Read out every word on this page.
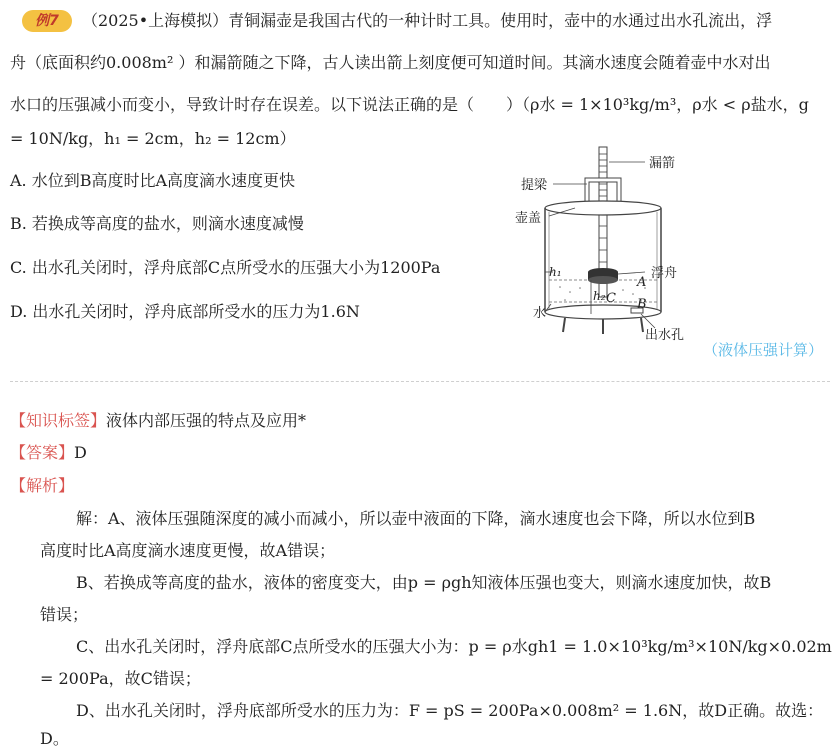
例7	（2025•上海模拟）青铜漏壶是我国古代的一种计时工具。使用时，壶中的水通过出水孔流出，浮
舟（底面积约0.008m² ）和漏箭随之下降，古人读出箭上刻度便可知道时间。其滴水速度会随着壶中水对出
水口的压强减小而变小，导致计时存在误差。以下说法正确的是（　　）（ρ水 = 1×10³kg/m³，ρ水 < ρ盐水，g
= 10N/kg，h₁ = 2cm，h₂ = 12cm）
A. 水位到B高度时比A高度滴水速度更快
B. 若换成等高度的盐水，则滴水速度减慢
C. 出水孔关闭时，浮舟底部C点所受水的压强大小为1200Pa
D. 出水孔关闭时，浮舟底部所受水的压力为1.6N
漏箭
提梁
壶盖
浮舟
水
出水孔
h₁
h₂
A
B
C
（液体压强计算）
【知识标签】液体内部压强的特点及应用*
【答案】D
【解析】
解：A、液体压强随深度的减小而减小，所以壶中液面的下降，滴水速度也会下降，所以水位到B
高度时比A高度滴水速度更慢，故A错误；
B、若换成等高度的盐水，液体的密度变大，由p = ρgh知液体压强也变大，则滴水速度加快，故B
错误；
C、出水孔关闭时，浮舟底部C点所受水的压强大小为：p = ρ水gh1 = 1.0×10³kg/m³×10N/kg×0.02m
= 200Pa，故C错误；
D、出水孔关闭时，浮舟底部所受水的压力为：F = pS = 200Pa×0.008m² = 1.6N，故D正确。故选：
D。
